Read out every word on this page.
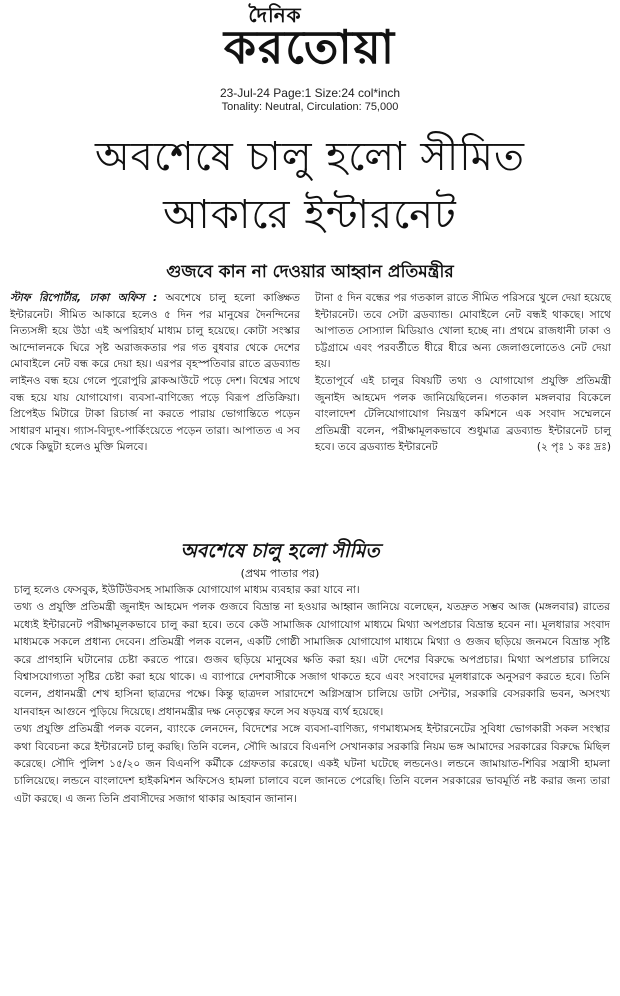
দৈনিক
করতোয়া
23-Jul-24 Page:1 Size:24 col*inch
Tonality: Neutral, Circulation: 75,000
অবশেষে চালু হলো সীমিত
আকারে ইন্টারনেট
গুজবে কান না দেওয়ার আহ্বান প্রতিমন্ত্রীর

স্টাফ রিপোর্টার, ঢাকা অফিস : অবশেষে চালু হলো কাঙ্ক্ষিত ইন্টারনেট। সীমিত আকারে হলেও ৫ দিন পর মানুষের দৈনন্দিনের নিত্যসঙ্গী হয়ে উঠা এই অপরিহার্য মাধ্যম চালু হয়েছে। কোটা সংস্কার আন্দোলনকে ঘিরে সৃষ্ট অরাজকতার পর গত বুধবার থেকে দেশের মোবাইলে নেট বন্ধ করে দেয়া হয়। এরপর বৃহস্পতিবার রাতে ব্রডব্যান্ড লাইনও বন্ধ হয়ে গেলে পুরোপুরি ব্লাকআউটে পড়ে দেশ। বিশ্বের সাথে বন্ধ হয়ে যায় যোগাযোগ। ব্যবসা-বাণিজ্যে পড়ে বিরূপ প্রতিক্রিয়া। প্রিপেইড মিটারে টাকা রিচার্জ না করতে পারায় ভোগান্তিতে পড়েন সাধারণ মানুষ। গ্যাস-বিদ্যুৎ-পার্কিংয়েতে পড়েন তারা। আপাতত এ সব থেকে কিছুটা হলেও মুক্তি মিলবে।

টানা ৫ দিন বন্ধের পর গতকাল রাতে সীমিত পরিসরে খুলে দেয়া হয়েছে ইন্টারনেট। তবে সেটা ব্রডব্যান্ড। মোবাইলে নেট বন্ধই থাকছে। সাথে আপাতত সোস্যাল মিডিয়াও খোলা হচ্ছে না। প্রথমে রাজধানী ঢাকা ও চট্টগ্রামে এবং পরবর্তীতে ধীরে ধীরে অন্য জেলাগুলোতেও নেট দেয়া হয়।

ইতোপূর্বে এই চালুর বিষয়টি তথ্য ও যোগাযোগ প্রযুক্তি প্রতিমন্ত্রী জুনাইদ আহমেদ পলক জানিয়েছিলেন। গতকাল মঙ্গলবার বিকেলে বাংলাদেশ টেলিযোগাযোগ নিয়ন্ত্রণ কমিশনে এক সংবাদ সম্মেলনে প্রতিমন্ত্রী বলেন, পরীক্ষামূলকভাবে শুধুমাত্র ব্রডব্যান্ড ইন্টারনেট চালু হবে। তবে ব্রডব্যান্ড ইন্টারনেট	(২ পৃঃ ১ কঃ দ্রঃ)

অবশেষে চালু হলো সীমিত
(প্রথম পাতার পর)

চালু হলেও ফেসবুক, ইউটিউবসহ সামাজিক যোগাযোগ মাধ্যম ব্যবহার করা যাবে না।

তথ্য ও প্রযুক্তি প্রতিমন্ত্রী জুনাইদ আহমেদ পলক গুজবে বিভ্রান্ত না হওয়ার আহ্বান জানিয়ে বলেছেন, যতদ্রুত সম্ভব আজ (মঙ্গলবার) রাতের মধ্যেই ইন্টারনেট পরীক্ষামূলকভাবে চালু করা হবে। তবে কেউ সামাজিক যোগাযোগ মাধ্যমে মিথ্যা অপপ্রচার বিভ্রান্ত হবেন না। মূলধারার সংবাদ মাধ্যমকে সকলে প্রধান্য দেবেন। প্রতিমন্ত্রী পলক বলেন, একটি গোষ্ঠী সামাজিক যোগাযোগ মাধ্যমে মিথ্যা ও গুজব ছড়িয়ে জনমনে বিভ্রান্ত সৃষ্টি করে প্রাণহানি ঘটানোর চেষ্টা করতে পারে। গুজব ছড়িয়ে মানুষের ক্ষতি করা হয়। এটা দেশের বিরুদ্ধে অপপ্রচার। মিথ্যা অপপ্রচার চালিয়ে বিশ্বাসযোগ্যতা সৃষ্টির চেষ্টা করা হয়ে থাকে। এ ব্যাপারে দেশবাসীকে সজাগ থাকতে হবে এবং সংবাদের মূলধারাকে অনুসরণ করতে হবে। তিনি বলেন, প্রধানমন্ত্রী শেখ হাসিনা ছাত্রদের পক্ষে। কিন্তু ছাত্রদল সারাদেশে অগ্নিসন্ত্রাস চালিয়ে ডাটা সেন্টার, সরকারি বেসরকারি ভবন, অসংখ্য যানবাহন আগুনে পুড়িয়ে দিয়েছে। প্রধানমন্ত্রীর দক্ষ নেতৃত্বের ফলে সব ষড়যন্ত্র ব্যর্থ হয়েছে।

তথ্য প্রযুক্তি প্রতিমন্ত্রী পলক বলেন, ব্যাংকে লেনদেন, বিদেশের সঙ্গে ব্যবসা-বাণিজ্য, গণমাধ্যমসহ ইন্টারনেটের সুবিধা ভোগকারী সকল সংস্থার কথা বিবেচনা করে ইন্টারনেট চালু করছি। তিনি বলেন, সৌদি আরবে বিএনপি সেখানকার সরকারি নিয়ম ভঙ্গ আমাদের সরকারের বিরুদ্ধে মিছিল করেছে। সৌদি পুলিশ ১৫/২০ জন বিএনপি কর্মীকে গ্রেফতার করেছে। একই ঘটনা ঘটেছে লন্ডনেও। লন্ডনে জামায়াত-শিবির সন্ত্রাসী হামলা চালিয়েছে। লন্ডনে বাংলাদেশ হাইকমিশন অফিসেও হামলা চালাবে বলে জানতে পেরেছি। তিনি বলেন সরকারের ভাবমূর্তি নষ্ট করার জন্য তারা এটা করছে। এ জন্য তিনি প্রবাসীদের সজাগ থাকার আহবান জানান।
